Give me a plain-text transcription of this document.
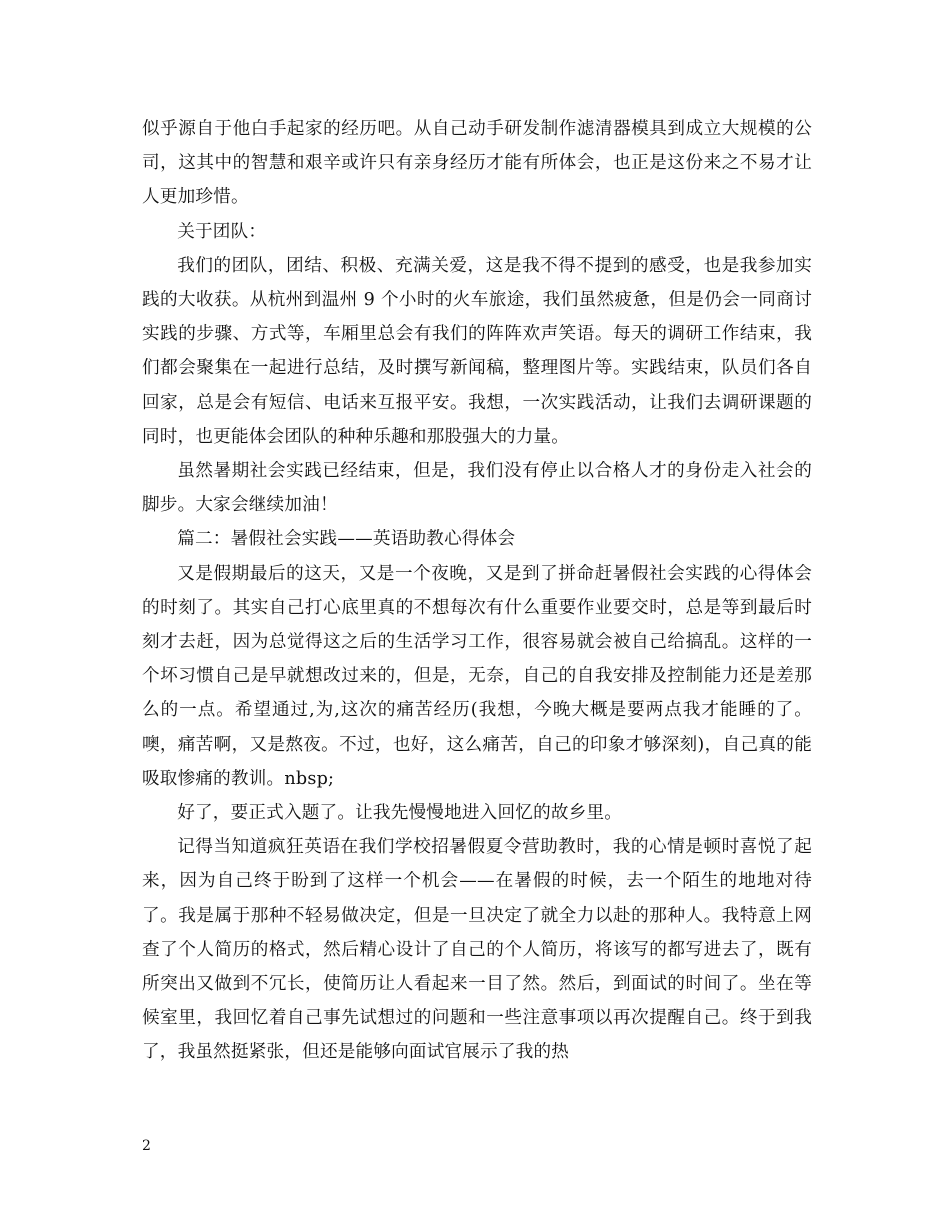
似乎源自于他白手起家的经历吧。从自己动手研发制作滤清器模具到成立大规模的公司，这其中的智慧和艰辛或许只有亲身经历才能有所体会，也正是这份来之不易才让人更加珍惜。

关于团队：

我们的团队，团结、积极、充满关爱，这是我不得不提到的感受，也是我参加实践的大收获。从杭州到温州 9 个小时的火车旅途，我们虽然疲惫，但是仍会一同商讨实践的步骤、方式等，车厢里总会有我们的阵阵欢声笑语。每天的调研工作结束，我们都会聚集在一起进行总结，及时撰写新闻稿，整理图片等。实践结束，队员们各自回家，总是会有短信、电话来互报平安。我想，一次实践活动，让我们去调研课题的同时，也更能体会团队的种种乐趣和那股强大的力量。

虽然暑期社会实践已经结束，但是，我们没有停止以合格人才的身份走入社会的脚步。大家会继续加油！

篇二：暑假社会实践——英语助教心得体会

又是假期最后的这天，又是一个夜晚，又是到了拼命赶暑假社会实践的心得体会的时刻了。其实自己打心底里真的不想每次有什么重要作业要交时，总是等到最后时刻才去赶，因为总觉得这之后的生活学习工作，很容易就会被自己给搞乱。这样的一个坏习惯自己是早就想改过来的，但是，无奈，自己的自我安排及控制能力还是差那么的一点。希望通过,为,这次的痛苦经历(我想，今晚大概是要两点我才能睡的了。噢，痛苦啊，又是熬夜。不过，也好，这么痛苦，自己的印象才够深刻)，自己真的能吸取惨痛的教训。nbsp;

好了，要正式入题了。让我先慢慢地进入回忆的故乡里。

记得当知道疯狂英语在我们学校招暑假夏令营助教时，我的心情是顿时喜悦了起来，因为自己终于盼到了这样一个机会——在暑假的时候，去一个陌生的地地对待了。我是属于那种不轻易做决定，但是一旦决定了就全力以赴的那种人。我特意上网查了个人简历的格式，然后精心设计了自己的个人简历，将该写的都写进去了，既有所突出又做到不冗长，使简历让人看起来一目了然。然后，到面试的时间了。坐在等候室里，我回忆着自己事先试想过的问题和一些注意事项以再次提醒自己。终于到我了，我虽然挺紧张，但还是能够向面试官展示了我的热

2
